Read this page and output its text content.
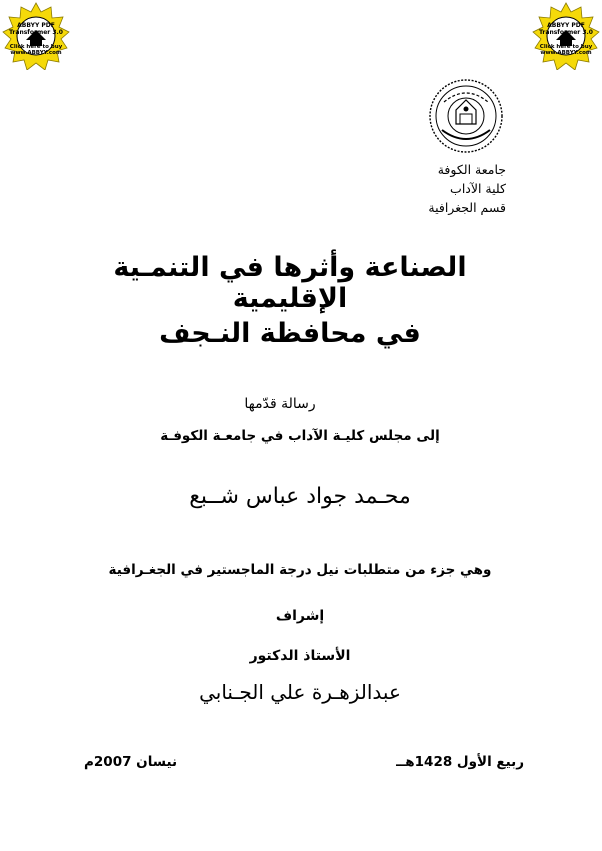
ABBYY PDF Transformer 3.0
Click here to buy www.ABBYY.com
ABBYY PDF Transformer 3.0
Click here to buy www.ABBYY.com
جامعة الكوفة
كلية الآداب
قسم الجغرافية
الصناعة وأثرها في التنمـية الإقليمية
في محافظة النـجف
رسالة قدّمها
إلى مجلس كليـة الآداب في جامعـة الكوفـة
محـمد جواد عباس شــبع
وهي جزء من متطلبات نيل درجة الماجستير في الجغـرافية
إشراف
الأستاذ الدكتور
عبدالزهـرة علي الجـنابي
ربيع الأول 1428هــ
نيسان 2007م
